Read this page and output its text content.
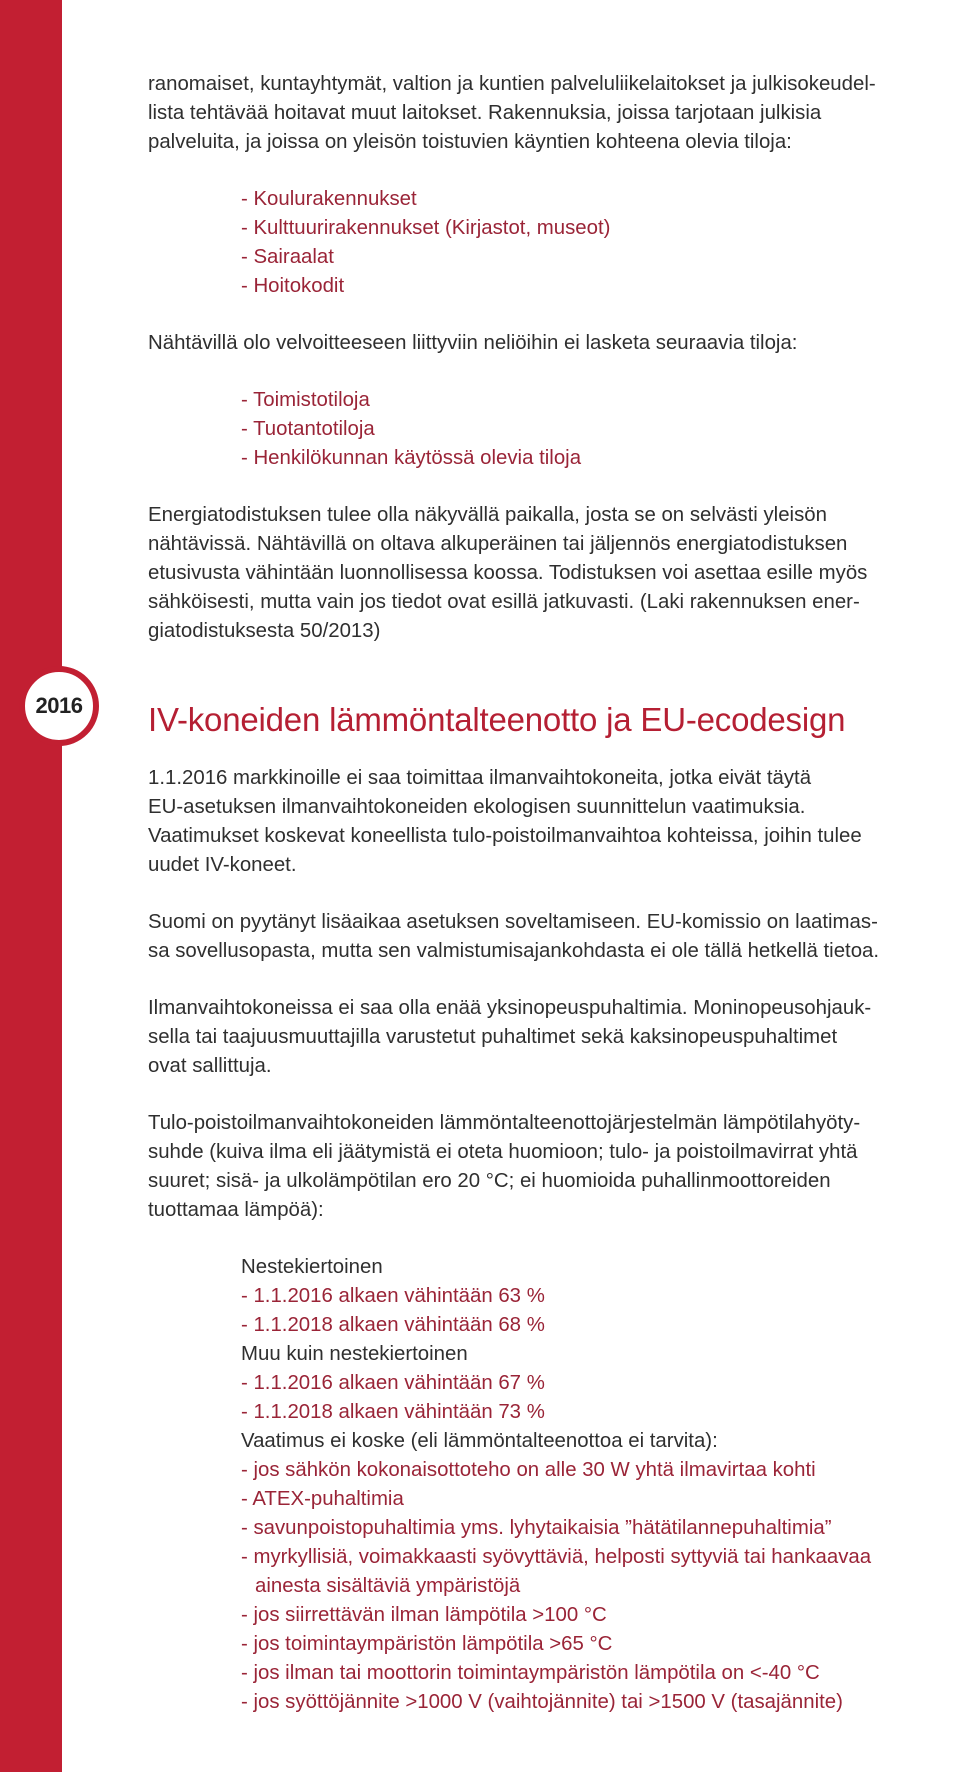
2016

ranomaiset, kuntayhtymät, valtion ja kuntien palveluliikelaitokset ja julkisokeudel-

lista tehtävää hoitavat muut laitokset. Rakennuksia, joissa tarjotaan julkisia

palveluita, ja joissa on yleisön toistuvien käyntien kohteena olevia tiloja:

- Koulurakennukset
- Kulttuurirakennukset (Kirjastot, museot)
- Sairaalat
- Hoitokodit

Nähtävillä olo velvoitteeseen liittyviin neliöihin ei lasketa seuraavia tiloja:

- Toimistotiloja
- Tuotantotiloja
- Henkilökunnan käytössä olevia tiloja

Energiatodistuksen tulee olla näkyvällä paikalla, josta se on selvästi yleisön

nähtävissä. Nähtävillä on oltava alkuperäinen tai jäljennös energiatodistuksen

etusivusta vähintään luonnollisessa koossa. Todistuksen voi asettaa esille myös

sähköisesti, mutta vain jos tiedot ovat esillä jatkuvasti. (Laki rakennuksen ener-

giatodistuksesta 50/2013)

IV-koneiden lämmöntalteenotto ja EU-ecodesign

1.1.2016 markkinoille ei saa toimittaa ilmanvaihtokoneita, jotka eivät täytä

EU-asetuksen ilmanvaihtokoneiden ekologisen suunnittelun vaatimuksia.

Vaatimukset koskevat koneellista tulo-poistoilmanvaihtoa kohteissa, joihin tulee

uudet IV-koneet.

Suomi on pyytänyt lisäaikaa asetuksen soveltamiseen. EU-komissio on laatimas-

sa sovellusopasta, mutta sen valmistumisajankohdasta ei ole tällä hetkellä tietoa.

Ilmanvaihtokoneissa ei saa olla enää yksinopeuspuhaltimia. Moninopeusohjauk-

sella tai taajuusmuuttajilla varustetut puhaltimet sekä kaksinopeuspuhaltimet

ovat sallittuja.

Tulo-poistoilmanvaihtokoneiden lämmöntalteenottojärjestelmän lämpötilahyöty-

suhde (kuiva ilma eli jäätymistä ei oteta huomioon; tulo- ja poistoilmavirrat yhtä

suuret; sisä- ja ulkolämpötilan ero 20 °C; ei huomioida puhallinmoottoreiden

tuottamaa lämpöä):

Nestekiertoinen
- 1.1.2016 alkaen vähintään 63 %
- 1.1.2018 alkaen vähintään 68 %
Muu kuin nestekiertoinen
- 1.1.2016 alkaen vähintään 67 %
- 1.1.2018 alkaen vähintään 73 %
Vaatimus ei koske (eli lämmöntalteenottoa ei tarvita):
- jos sähkön kokonaisottoteho on alle 30 W yhtä ilmavirtaa kohti
- ATEX-puhaltimia
- savunpoistopuhaltimia yms. lyhytaikaisia ”hätätilannepuhaltimia”
- myrkyllisiä, voimakkaasti syövyttäviä, helposti syttyviä tai hankaavaa
ainesta sisältäviä ympäristöjä
- jos siirrettävän ilman lämpötila >100 °C
- jos toimintaympäristön lämpötila >65 °C
- jos ilman tai moottorin toimintaympäristön lämpötila on <-40 °C
- jos syöttöjännite >1000 V (vaihtojännite) tai >1500 V (tasajännite)
